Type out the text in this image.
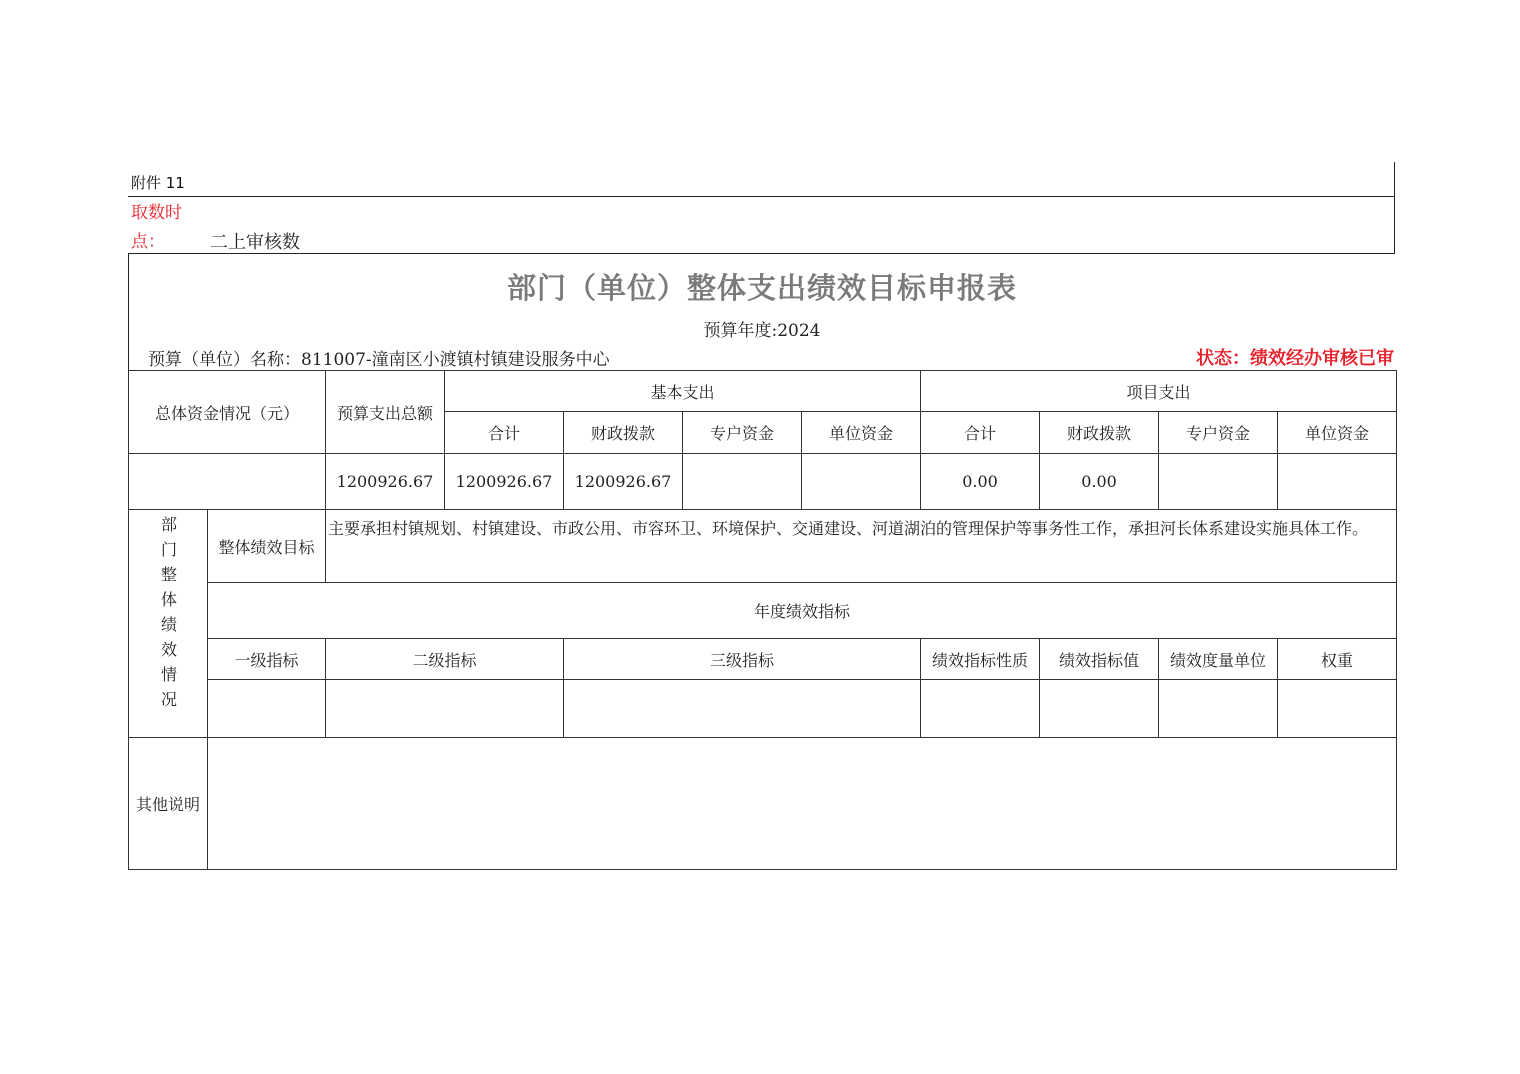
附件 11
取数时点：	二上审核数
部门（单位）整体支出绩效目标申报表
预算年度:2024
预算（单位）名称：811007-潼南区小渡镇村镇建设服务中心	状态：绩效经办审核已审
总体资金情况（元）		预算支出总额	基本支出				项目支出			
			合计	财政拨款	专户资金	单位资金	合计	财政拨款	专户资金	单位资金
		1200926.67	1200926.67	1200926.67			0.00	0.00		
部门整体绩效情况	整体绩效目标	主要承担村镇规划、村镇建设、市政公用、市容环卫、环境保护、交通建设、河道湖泊的管理保护等事务性工作，承担河长体系建设实施具体工作。								
	年度绩效指标									
	一级指标	二级指标		三级指标			绩效指标性质	绩效指标值	绩效度量单位	权重

其他说明										
